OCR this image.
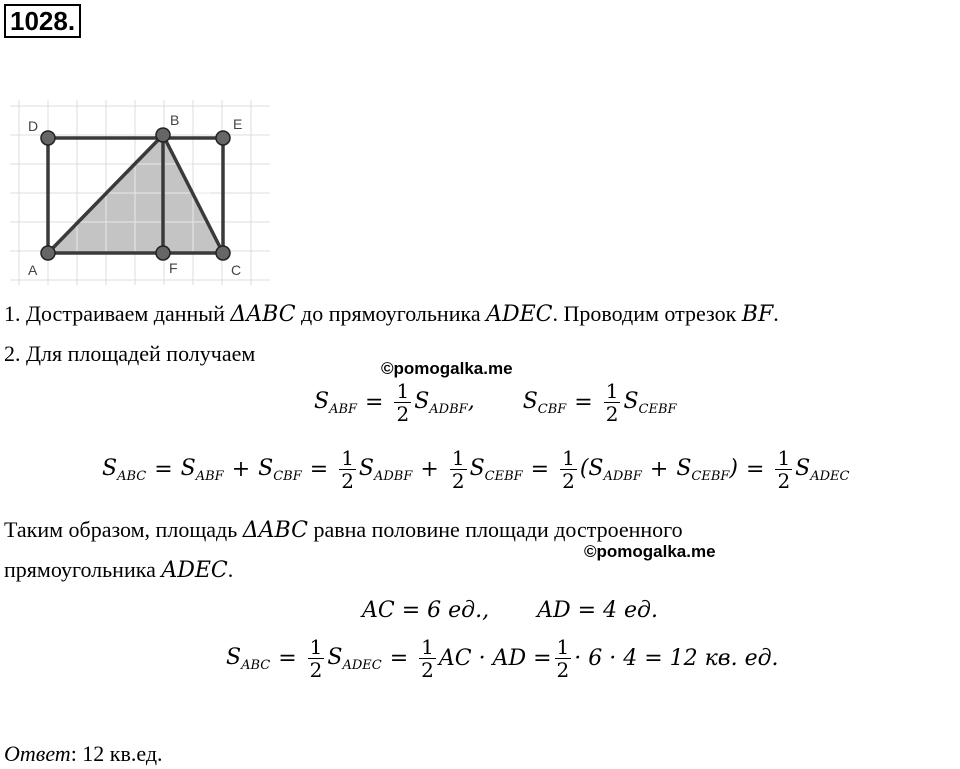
1028.
A
B
C
D	E
F
1. Достраиваем данный ΔABC до прямоугольника ADEC. Проводим отрезок BF.
2. Для площадей получаем
©pomogalka.me
$S_{ABF} = \frac{1}{2} S_{ADBF}$, $S_{CBF} = \frac{1}{2} S_{CEBF}$
$S_{ABC} = S_{ABF} + S_{CBF} = \frac{1}{2} S_{ADBF} + \frac{1}{2} S_{CEBF} = \frac{1}{2} (S_{ADBF} + S_{CEBF}) = \frac{1}{2} S_{ADEC}$
Таким образом, площадь ΔABC равна половине площади достроенного
©pomogalka.me
прямоугольника ADEC.
AC = 6 ед., AD = 4 ед.
$S_{ABC} = \frac{1}{2} S_{ADEC} = \frac{1}{2}$ AC · AD = $\frac{1}{2} \cdot 6 \cdot 4 = 12$ кв. ед.
Ответ: 12 кв.ед.
